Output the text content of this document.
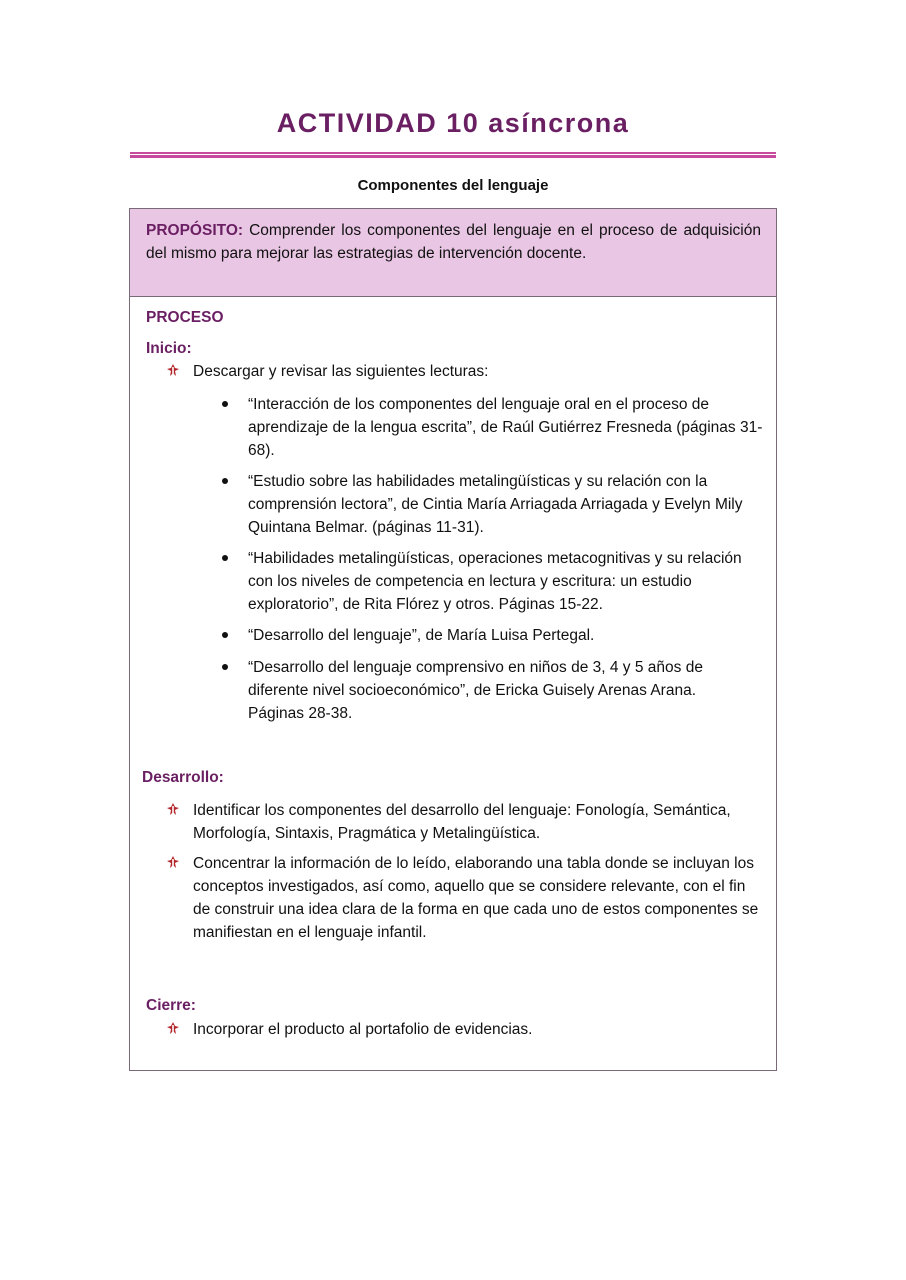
ACTIVIDAD 10 asíncrona
Componentes del lenguaje
PROPÓSITO: Comprender los componentes del lenguaje en el proceso de adquisición del mismo para mejorar las estrategias de intervención docente.
PROCESO
Inicio:
Descargar y revisar las siguientes lecturas:
“Interacción de los componentes del lenguaje oral en el proceso de aprendizaje de la lengua escrita”, de Raúl Gutiérrez Fresneda (páginas 31-68).
“Estudio sobre las habilidades metalingüísticas y su relación con la comprensión lectora”, de Cintia María Arriagada Arriagada y Evelyn Mily Quintana Belmar. (páginas 11-31).
“Habilidades metalingüísticas, operaciones metacognitivas y su relación con los niveles de competencia en lectura y escritura: un estudio exploratorio”, de Rita Flórez y otros. Páginas 15-22.
“Desarrollo del lenguaje”, de María Luisa Pertegal.
“Desarrollo del lenguaje comprensivo en niños de 3, 4 y 5 años de diferente nivel socioeconómico”, de Ericka Guisely Arenas Arana. Páginas 28-38.
Desarrollo:
Identificar los componentes del desarrollo del lenguaje: Fonología, Semántica, Morfología, Sintaxis, Pragmática y Metalingüística.
Concentrar la información de lo leído, elaborando una tabla donde se incluyan los conceptos investigados, así como, aquello que se considere relevante, con el fin de construir una idea clara de la forma en que cada uno de estos componentes se manifiestan en el lenguaje infantil.
Cierre:
Incorporar el producto al portafolio de evidencias.
